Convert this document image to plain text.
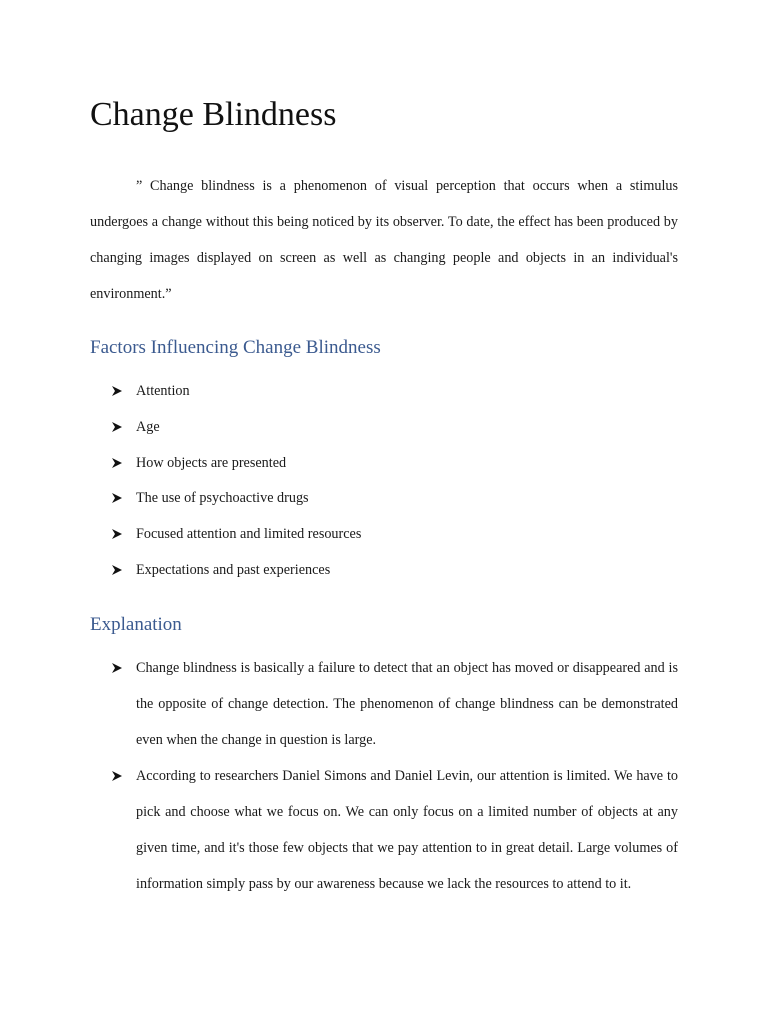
Change Blindness

” Change blindness is a phenomenon of visual perception that occurs when a stimulus undergoes a change without this being noticed by its observer. To date, the effect has been produced by changing images displayed on screen as well as changing people and objects in an individual's environment.”

Factors Influencing Change Blindness
Attention
Age
How objects are presented
The use of psychoactive drugs
Focused attention and limited resources
Expectations and past experiences
Explanation
Change blindness is basically a failure to detect that an object has moved or disappeared and is the opposite of change detection. The phenomenon of change blindness can be demonstrated even when the change in question is large.
According to researchers Daniel Simons and Daniel Levin, our attention is limited. We have to pick and choose what we focus on. We can only focus on a limited number of objects at any given time, and it's those few objects that we pay attention to in great detail. Large volumes of information simply pass by our awareness because we lack the resources to attend to it.
